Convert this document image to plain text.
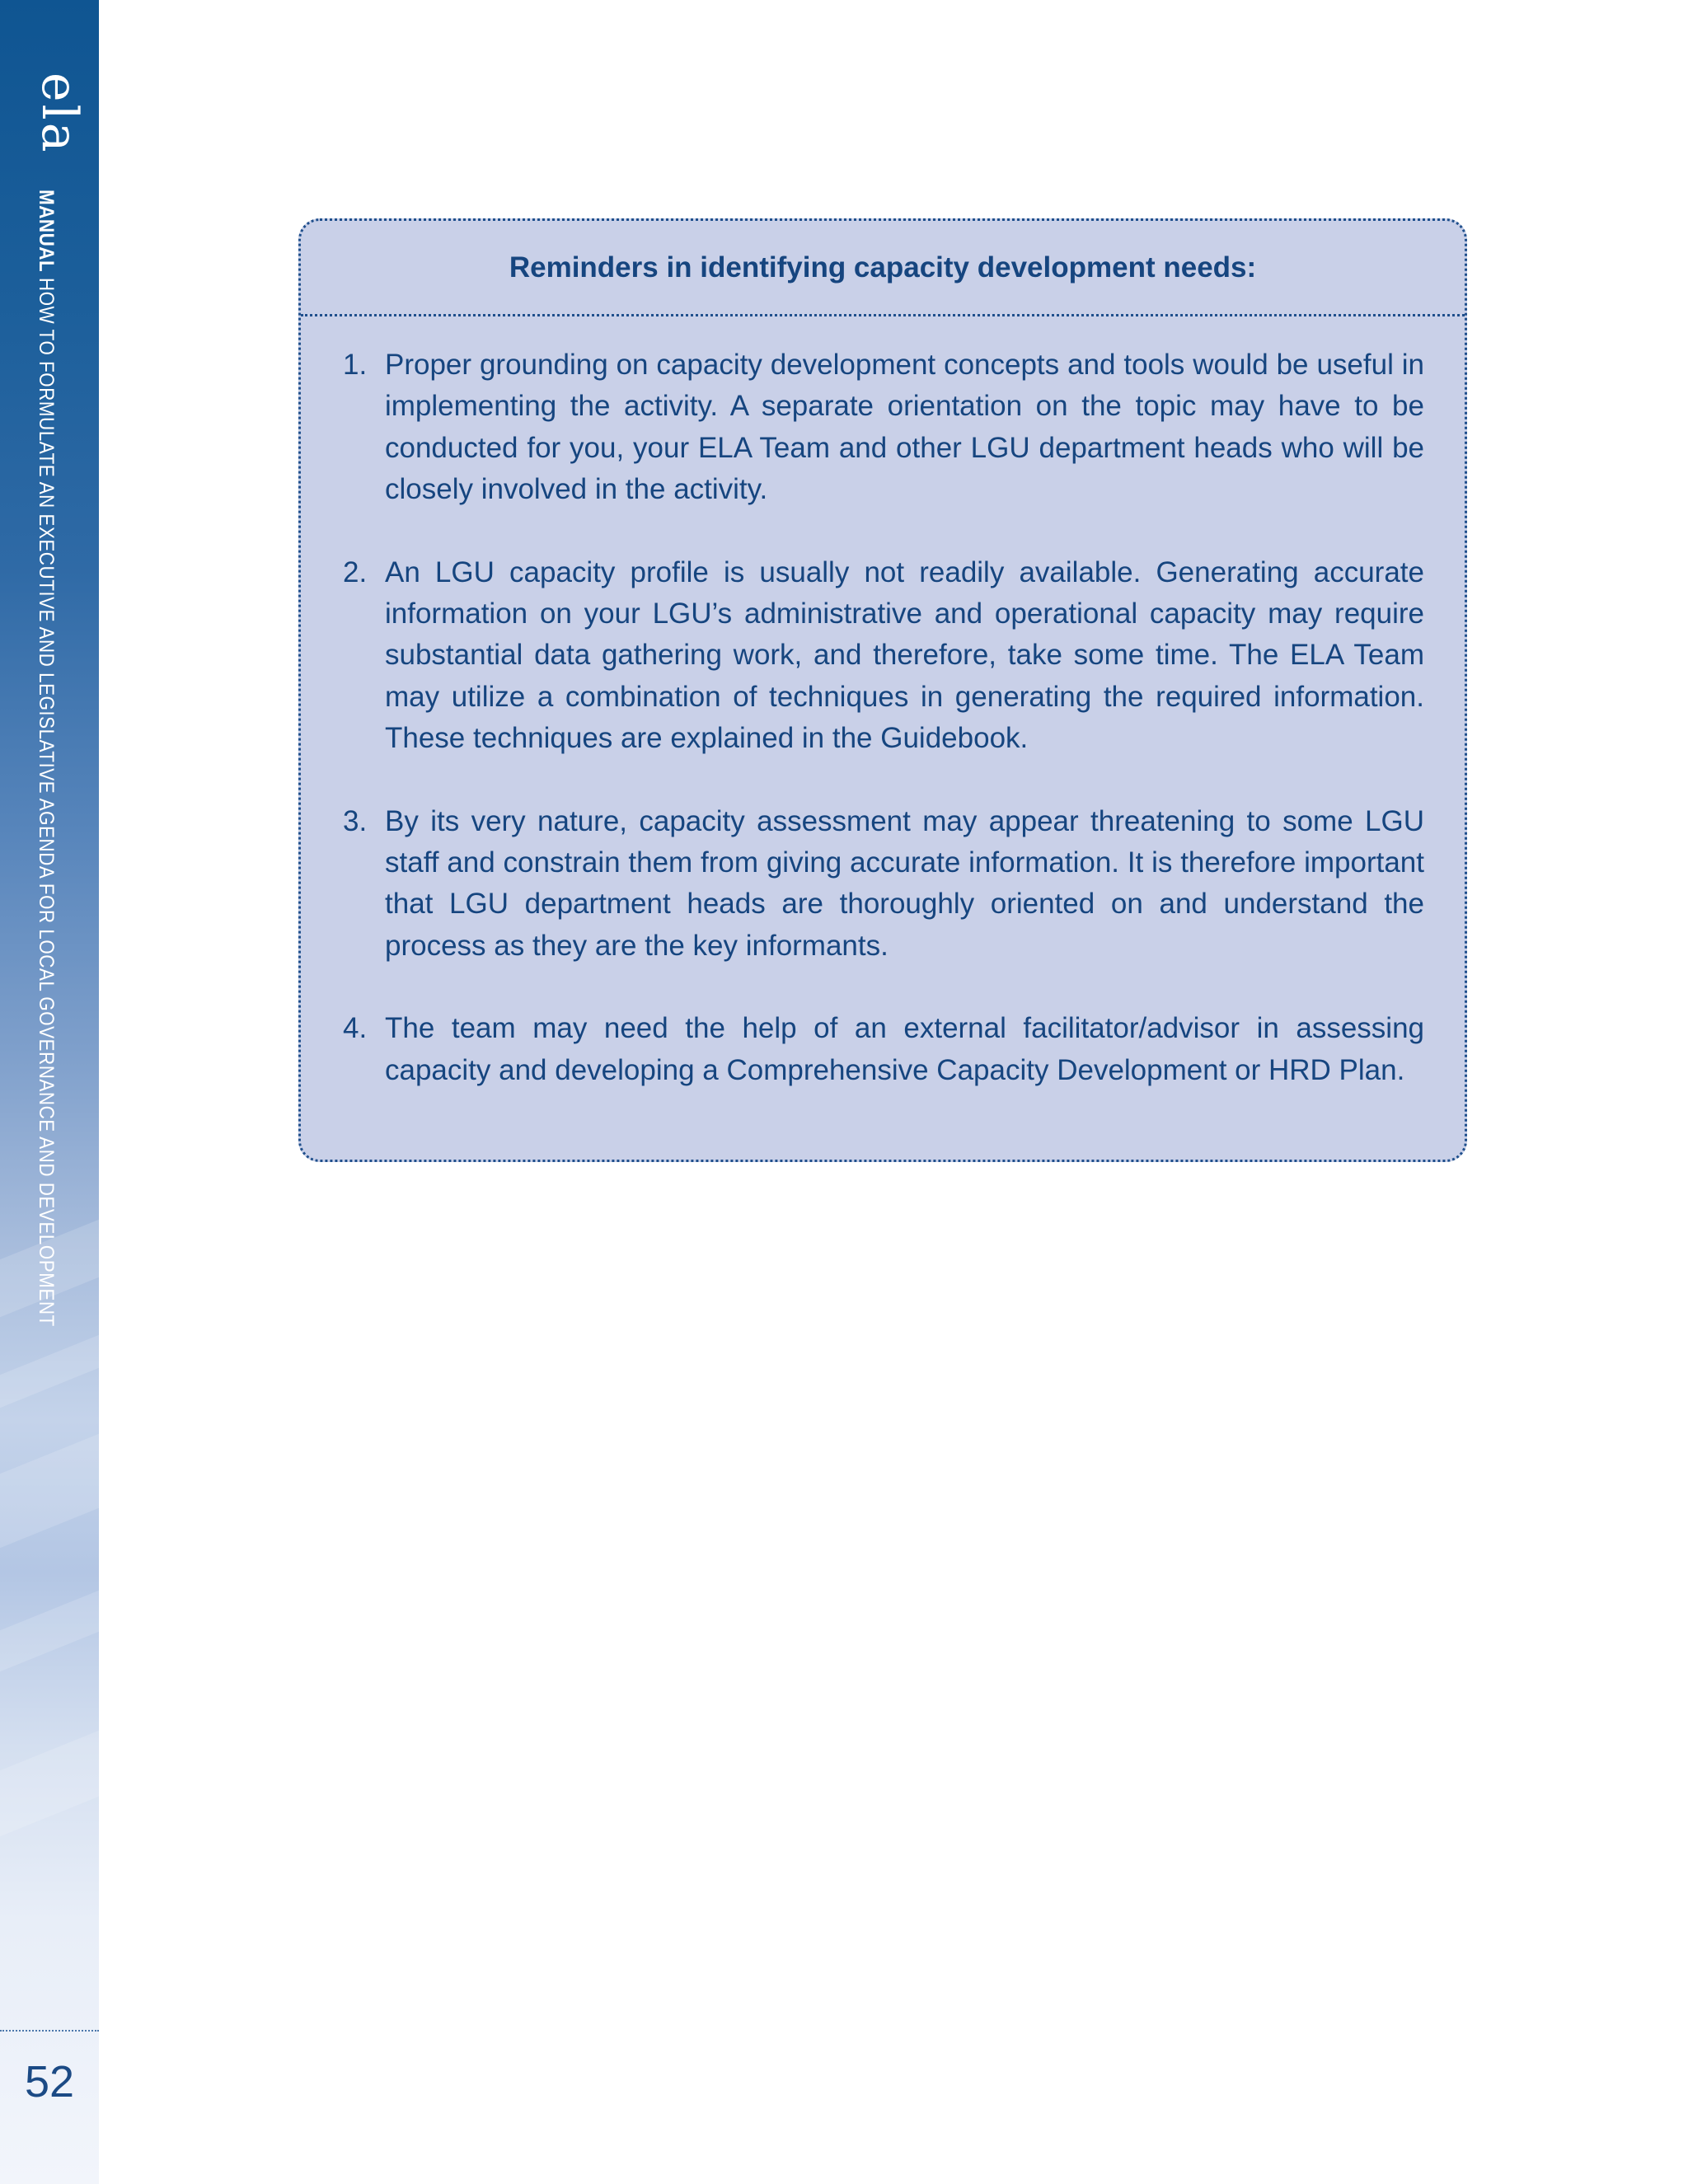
ela
MANUAL HOW TO FORMULATE AN EXECUTIVE AND LEGISLATIVE AGENDA FOR LOCAL GOVERNANCE AND DEVELOPMENT
52
Reminders in identifying capacity development needs:
1. Proper grounding on capacity development concepts and tools would be useful in implementing the activity. A separate orientation on the topic may have to be conducted for you, your ELA Team and other LGU department heads who will be closely involved in the activity.
2. An LGU capacity profile is usually not readily available. Generating accurate information on your LGU’s administrative and operational capacity may require substantial data gathering work, and therefore, take some time. The ELA Team may utilize a combination of techniques in generating the required information. These techniques are explained in the Guidebook.
3. By its very nature, capacity assessment may appear threatening to some LGU staff and constrain them from giving accurate information. It is therefore important that LGU department heads are thoroughly oriented on and understand the process as they are the key informants.
4. The team may need the help of an external facilitator/advisor in assessing capacity and developing a Comprehensive Capacity Development or HRD Plan.
